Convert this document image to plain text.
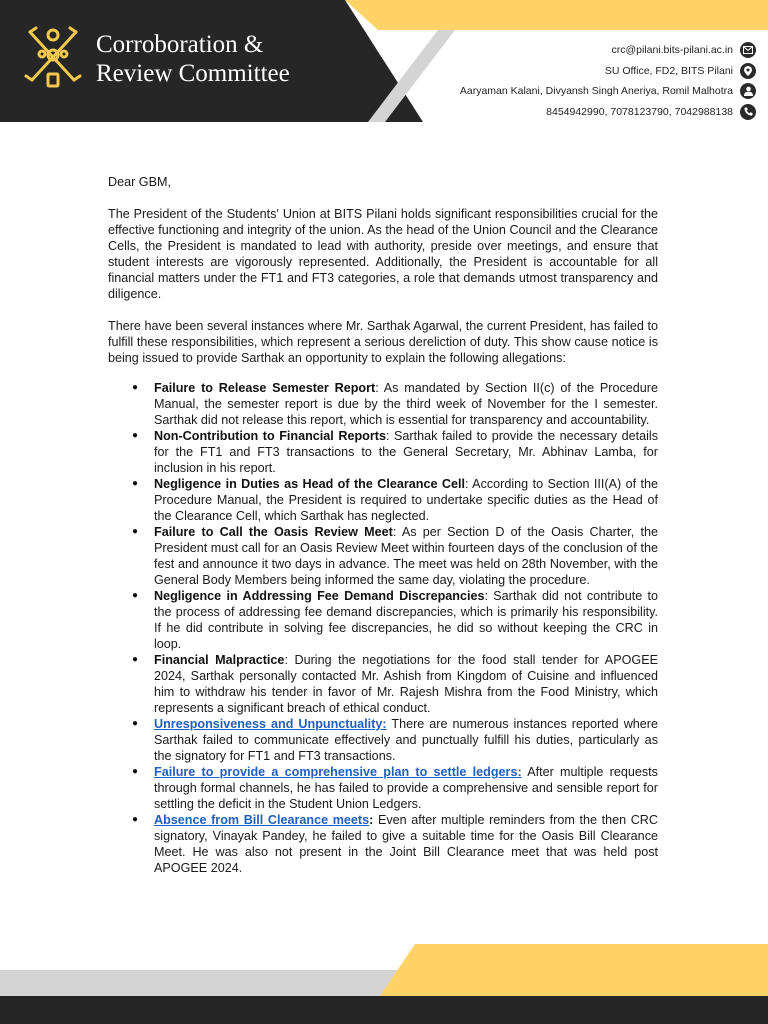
Corroboration &
Review Committee
crc@pilani.bits-pilani.ac.in
SU Office, FD2, BITS Pilani
Aaryaman Kalani, Divyansh Singh Aneriya, Romil Malhotra
8454942990, 7078123790, 7042988138

Dear GBM,

The President of the Students' Union at BITS Pilani holds significant responsibilities crucial for the effective functioning and integrity of the union. As the head of the Union Council and the Clearance Cells, the President is mandated to lead with authority, preside over meetings, and ensure that student interests are vigorously represented. Additionally, the President is accountable for all financial matters under the FT1 and FT3 categories, a role that demands utmost transparency and diligence.

There have been several instances where Mr. Sarthak Agarwal, the current President, has failed to fulfill these responsibilities, which represent a serious dereliction of duty. This show cause notice is being issued to provide Sarthak an opportunity to explain the following allegations:

● Failure to Release Semester Report: As mandated by Section II(c) of the Procedure Manual, the semester report is due by the third week of November for the I semester. Sarthak did not release this report, which is essential for transparency and accountability.
● Non-Contribution to Financial Reports: Sarthak failed to provide the necessary details for the FT1 and FT3 transactions to the General Secretary, Mr. Abhinav Lamba, for inclusion in his report.
● Negligence in Duties as Head of the Clearance Cell: According to Section III(A) of the Procedure Manual, the President is required to undertake specific duties as the Head of the Clearance Cell, which Sarthak has neglected.
● Failure to Call the Oasis Review Meet: As per Section D of the Oasis Charter, the President must call for an Oasis Review Meet within fourteen days of the conclusion of the fest and announce it two days in advance. The meet was held on 28th November, with the General Body Members being informed the same day, violating the procedure.
● Negligence in Addressing Fee Demand Discrepancies: Sarthak did not contribute to the process of addressing fee demand discrepancies, which is primarily his responsibility. If he did contribute in solving fee discrepancies, he did so without keeping the CRC in loop.
● Financial Malpractice: During the negotiations for the food stall tender for APOGEE 2024, Sarthak personally contacted Mr. Ashish from Kingdom of Cuisine and influenced him to withdraw his tender in favor of Mr. Rajesh Mishra from the Food Ministry, which represents a significant breach of ethical conduct.
● Unresponsiveness and Unpunctuality: There are numerous instances reported where Sarthak failed to communicate effectively and punctually fulfill his duties, particularly as the signatory for FT1 and FT3 transactions.
● Failure to provide a comprehensive plan to settle ledgers: After multiple requests through formal channels, he has failed to provide a comprehensive and sensible report for settling the deficit in the Student Union Ledgers.
● Absence from Bill Clearance meets: Even after multiple reminders from the then CRC signatory, Vinayak Pandey, he failed to give a suitable time for the Oasis Bill Clearance Meet. He was also not present in the Joint Bill Clearance meet that was held post APOGEE 2024.
